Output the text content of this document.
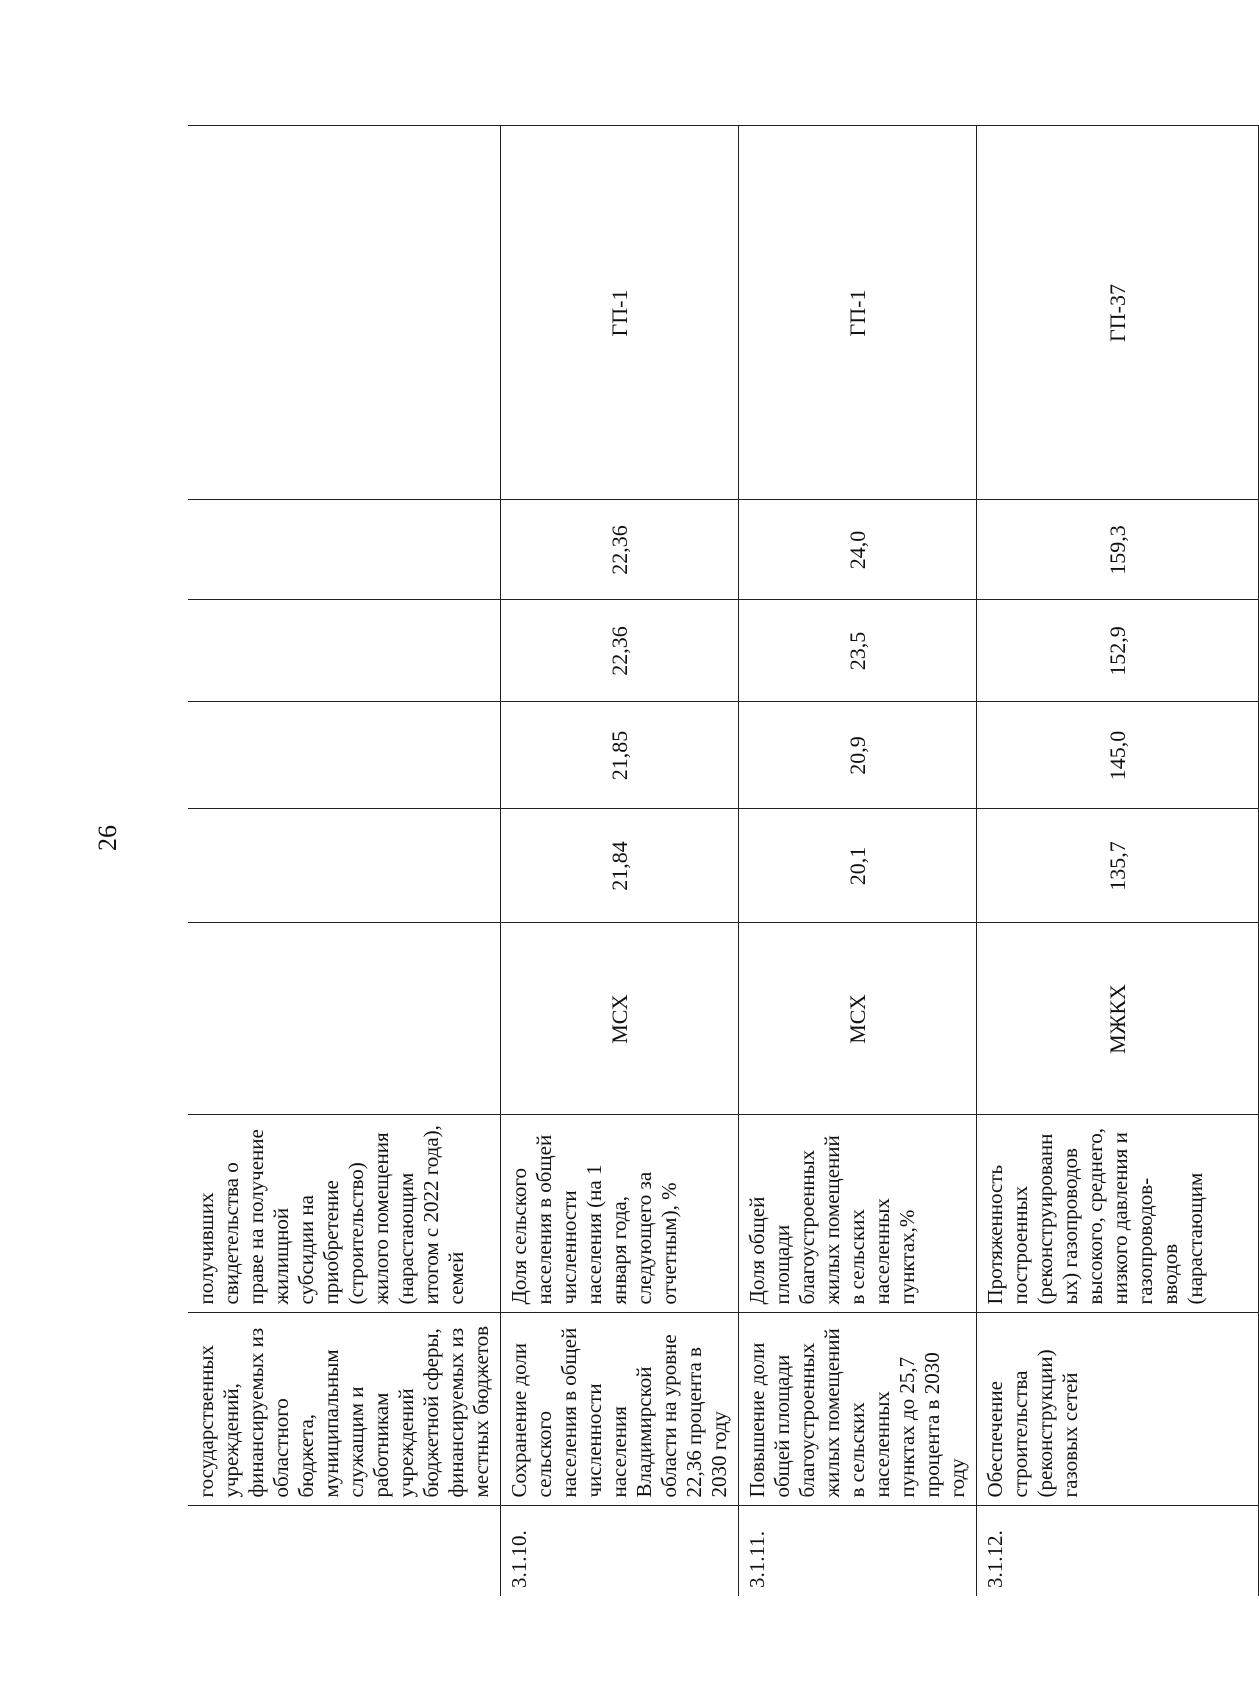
26
	государственных учреждений, финансируемых из областного бюджета, муниципальным служащим и работникам учреждений бюджетной сферы, финансируемых из местных бюджетов	получивших свидетельства о праве на получение жилищной субсидии на приобретение (строительство) жилого помещения (нарастающим итогом с 2022 года), семей						
3.1.10.	Сохранение доли сельского населения в общей численности населения Владимирской области на уровне 22,36 процента в 2030 году	Доля сельского населения в общей численности населения (на 1 января года, следующего за отчетным), %	МСХ	21,84	21,85	22,36	22,36	ГП-1
3.1.11.	Повышение доли общей площади благоустроенных жилых помещений в сельских населенных пунктах до 25,7 процента в 2030 году	Доля общей площади благоустроенных жилых помещений в сельских населенных пунктах,%	МСХ	20,1	20,9	23,5	24,0	ГП-1
3.1.12.	Обеспечение строительства (реконструкции) газовых сетей	Протяженность построенных (реконструированных) газопроводов высокого, среднего, низкого давления и газопроводов-вводов (нарастающим	МЖКХ	135,7	145,0	152,9	159,3	ГП-37
